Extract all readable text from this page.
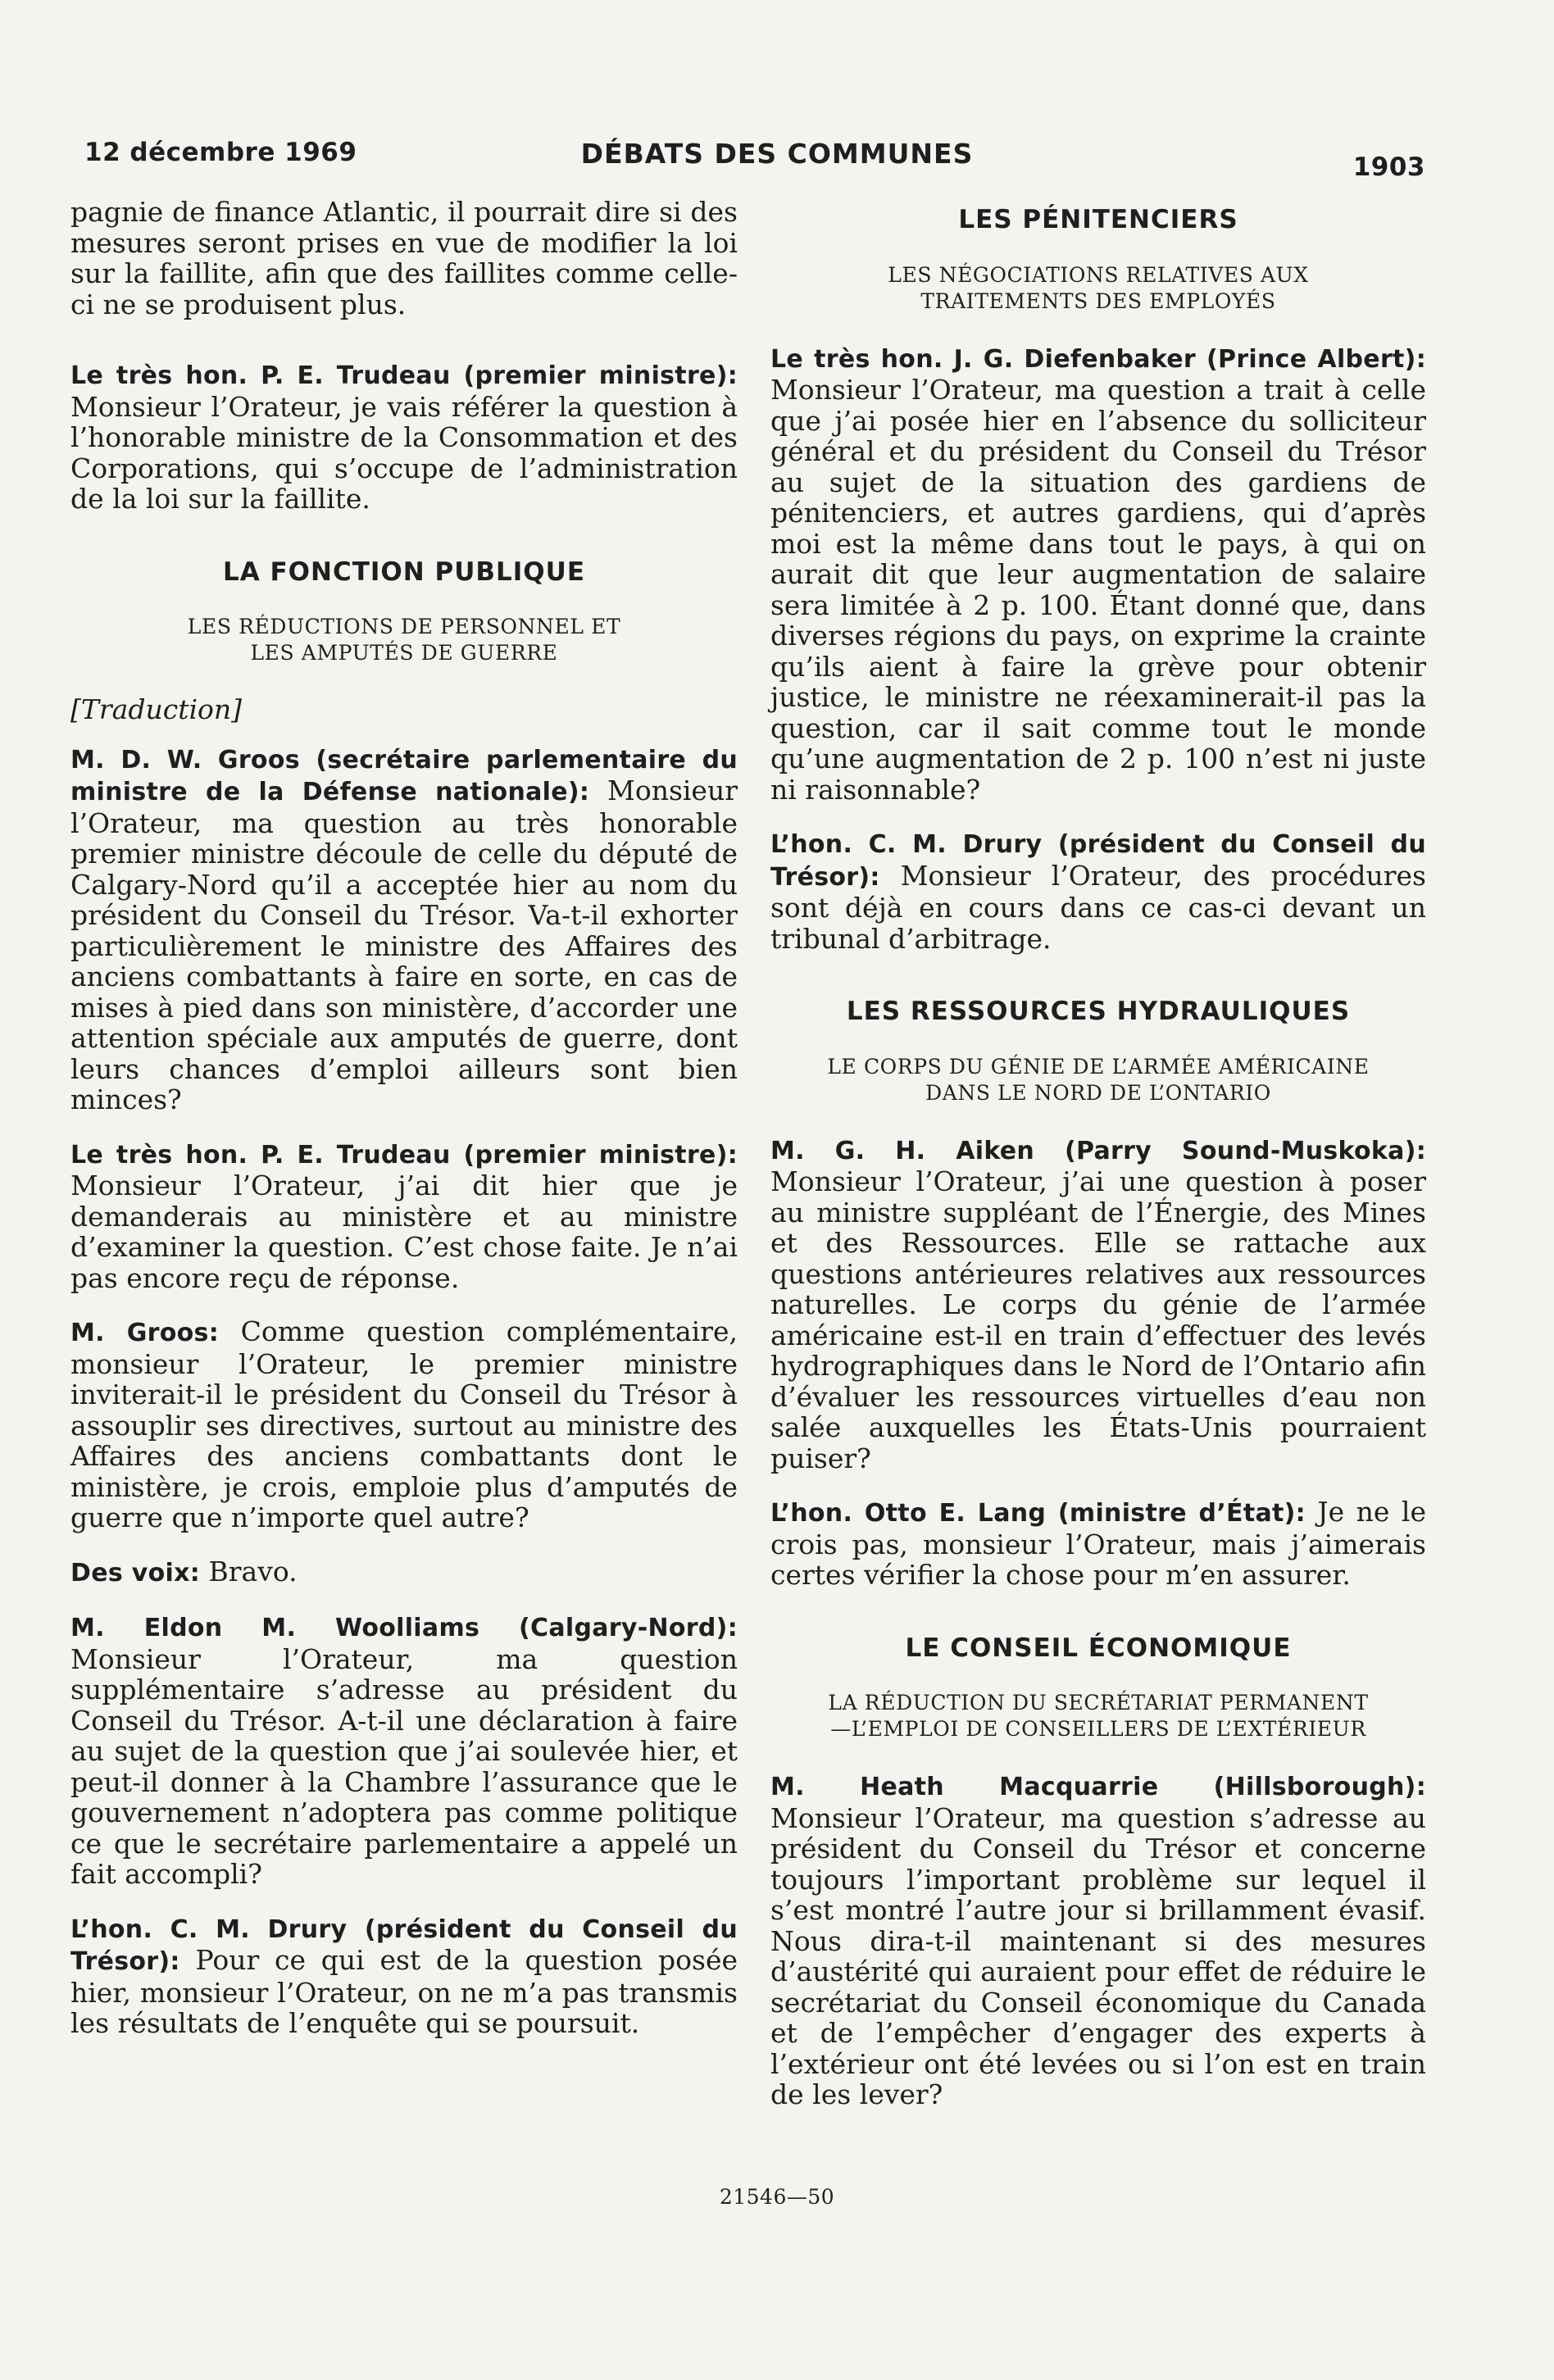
12 décembre 1969	DÉBATS DES COMMUNES	1903

pagnie de finance Atlantic, il pourrait dire si des mesures seront prises en vue de modifier la loi sur la faillite, afin que des faillites comme celle-ci ne se produisent plus.

Le très hon. P. E. Trudeau (premier ministre): Monsieur l’Orateur, je vais référer la question à l’honorable ministre de la Consommation et des Corporations, qui s’occupe de l’administration de la loi sur la faillite.

LA FONCTION PUBLIQUE
LES RÉDUCTIONS DE PERSONNEL ET
LES AMPUTÉS DE GUERRE
[Traduction]

M. D. W. Groos (secrétaire parlementaire du ministre de la Défense nationale): Monsieur l’Orateur, ma question au très honorable premier ministre découle de celle du député de Calgary-Nord qu’il a acceptée hier au nom du président du Conseil du Trésor. Va-t-il exhorter particulièrement le ministre des Affaires des anciens combattants à faire en sorte, en cas de mises à pied dans son ministère, d’accorder une attention spéciale aux amputés de guerre, dont leurs chances d’emploi ailleurs sont bien minces?

Le très hon. P. E. Trudeau (premier ministre): Monsieur l’Orateur, j’ai dit hier que je demanderais au ministère et au ministre d’examiner la question. C’est chose faite. Je n’ai pas encore reçu de réponse.

M. Groos: Comme question complémentaire, monsieur l’Orateur, le premier ministre inviterait-il le président du Conseil du Trésor à assouplir ses directives, surtout au ministre des Affaires des anciens combattants dont le ministère, je crois, emploie plus d’amputés de guerre que n’importe quel autre?

Des voix: Bravo.

M. Eldon M. Woolliams (Calgary-Nord): Monsieur l’Orateur, ma question supplémentaire s’adresse au président du Conseil du Trésor. A-t-il une déclaration à faire au sujet de la question que j’ai soulevée hier, et peut-il donner à la Chambre l’assurance que le gouvernement n’adoptera pas comme politique ce que le secrétaire parlementaire a appelé un fait accompli?

L’hon. C. M. Drury (président du Conseil du Trésor): Pour ce qui est de la question posée hier, monsieur l’Orateur, on ne m’a pas transmis les résultats de l’enquête qui se poursuit.

LES PÉNITENCIERS
LES NÉGOCIATIONS RELATIVES AUX
TRAITEMENTS DES EMPLOYÉS

Le très hon. J. G. Diefenbaker (Prince Albert): Monsieur l’Orateur, ma question a trait à celle que j’ai posée hier en l’absence du solliciteur général et du président du Conseil du Trésor au sujet de la situation des gardiens de pénitenciers, et autres gardiens, qui d’après moi est la même dans tout le pays, à qui on aurait dit que leur augmentation de salaire sera limitée à 2 p. 100. Étant donné que, dans diverses régions du pays, on exprime la crainte qu’ils aient à faire la grève pour obtenir justice, le ministre ne réexaminerait-il pas la question, car il sait comme tout le monde qu’une augmentation de 2 p. 100 n’est ni juste ni raisonnable?

L’hon. C. M. Drury (président du Conseil du Trésor): Monsieur l’Orateur, des procédures sont déjà en cours dans ce cas-ci devant un tribunal d’arbitrage.

LES RESSOURCES HYDRAULIQUES
LE CORPS DU GÉNIE DE L’ARMÉE AMÉRICAINE
DANS LE NORD DE L’ONTARIO

M. G. H. Aiken (Parry Sound-Muskoka): Monsieur l’Orateur, j’ai une question à poser au ministre suppléant de l’Énergie, des Mines et des Ressources. Elle se rattache aux questions antérieures relatives aux ressources naturelles. Le corps du génie de l’armée américaine est-il en train d’effectuer des levés hydrographiques dans le Nord de l’Ontario afin d’évaluer les ressources virtuelles d’eau non salée auxquelles les États-Unis pourraient puiser?

L’hon. Otto E. Lang (ministre d’État): Je ne le crois pas, monsieur l’Orateur, mais j’aimerais certes vérifier la chose pour m’en assurer.

LE CONSEIL ÉCONOMIQUE
LA RÉDUCTION DU SECRÉTARIAT PERMANENT
—L’EMPLOI DE CONSEILLERS DE L’EXTÉRIEUR

M. Heath Macquarrie (Hillsborough): Monsieur l’Orateur, ma question s’adresse au président du Conseil du Trésor et concerne toujours l’important problème sur lequel il s’est montré l’autre jour si brillamment évasif. Nous dira-t-il maintenant si des mesures d’austérité qui auraient pour effet de réduire le secrétariat du Conseil économique du Canada et de l’empêcher d’engager des experts à l’extérieur ont été levées ou si l’on est en train de les lever?

21546—50
